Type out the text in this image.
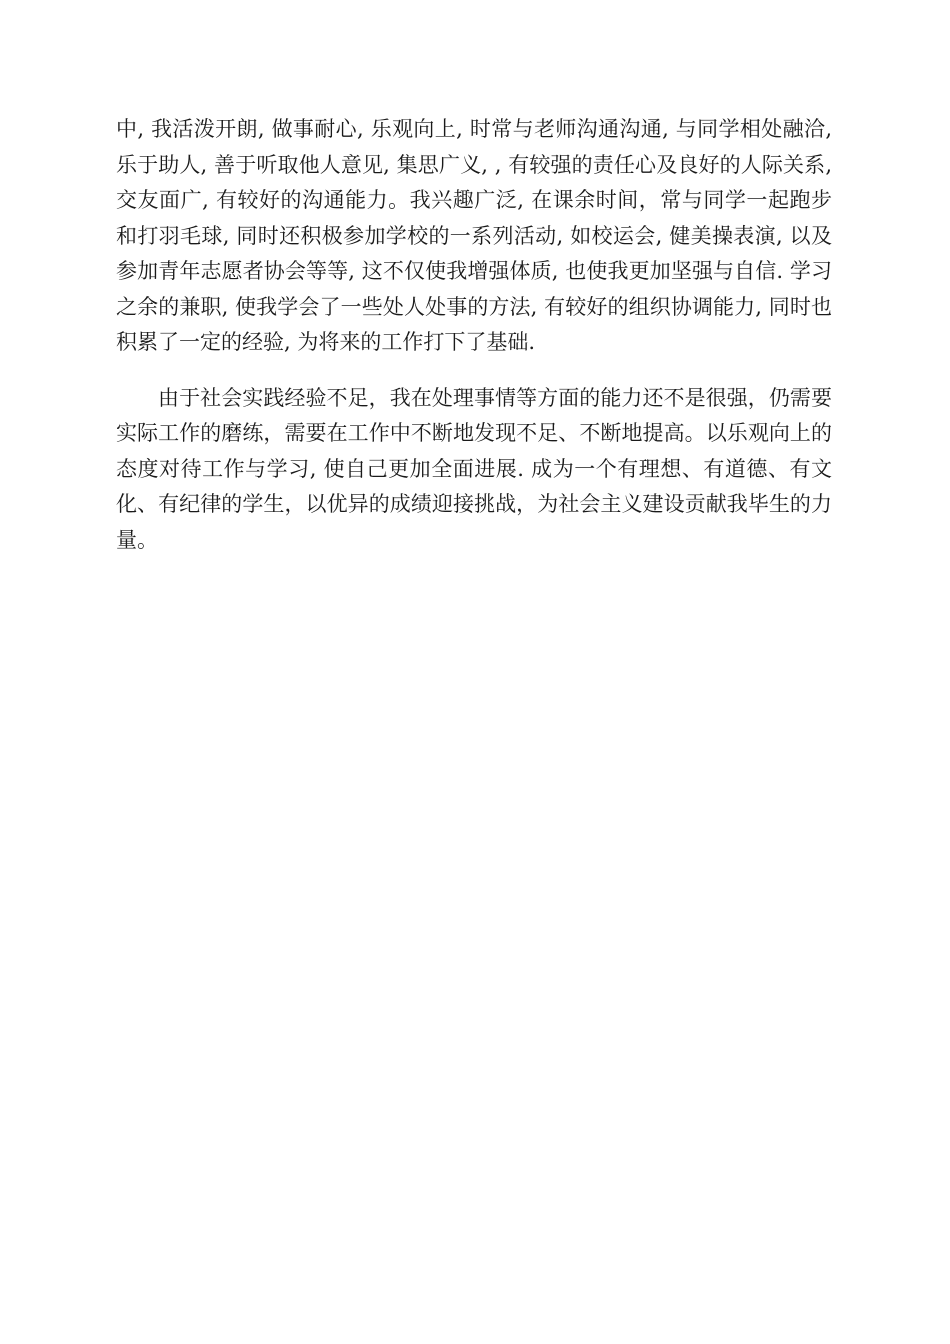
中, 我活泼开朗, 做事耐心, 乐观向上, 时常与老师沟通沟通, 与同学相处融洽, 乐于助人, 善于听取他人意见, 集思广义, , 有较强的责任心及良好的人际关系, 交友面广, 有较好的沟通能力。我兴趣广泛, 在课余时间，常与同学一起跑步和打羽毛球, 同时还积极参加学校的一系列活动, 如校运会, 健美操表演, 以及参加青年志愿者协会等等, 这不仅使我增强体质, 也使我更加坚强与自信. 学习之余的兼职, 使我学会了一些处人处事的方法, 有较好的组织协调能力, 同时也积累了一定的经验, 为将来的工作打下了基础.

由于社会实践经验不足，我在处理事情等方面的能力还不是很强，仍需要实际工作的磨练，需要在工作中不断地发现不足、不断地提高。以乐观向上的态度对待工作与学习, 使自己更加全面进展. 成为一个有理想、有道德、有文化、有纪律的学生，以优异的成绩迎接挑战，为社会主义建设贡献我毕生的力量。
